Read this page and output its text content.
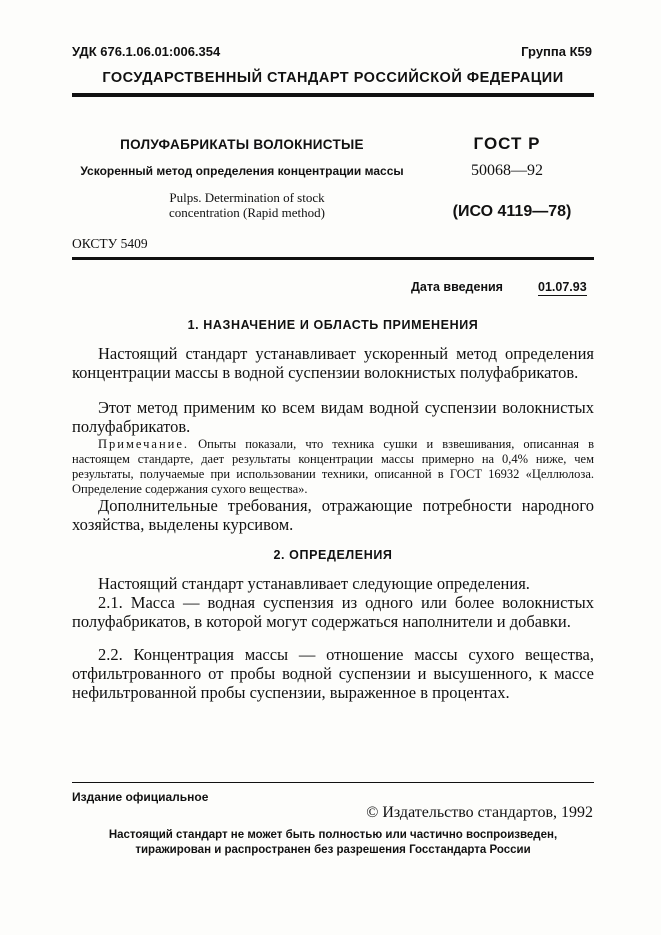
УДК 676.1.06.01:006.354	Группа К59
ГОСУДАРСТВЕННЫЙ СТАНДАРТ РОССИЙСКОЙ ФЕДЕРАЦИИ
ПОЛУФАБРИКАТЫ ВОЛОКНИСТЫЕ
Ускоренный метод определения концентрации массы
Pulps. Determination of stock
concentration (Rapid method)
ГОСТ Р
50068—92
(ИСО 4119—78)
ОКСТУ 5409
Дата введения	01.07.93
1. НАЗНАЧЕНИЕ И ОБЛАСТЬ ПРИМЕНЕНИЯ

Настоящий стандарт устанавливает ускоренный метод определения концентрации массы в водной суспензии волокнистых полуфабрикатов.

Этот метод применим ко всем видам водной суспензии волокнистых полуфабрикатов.

Примечание. Опыты показали, что техника сушки и взвешивания, описанная в настоящем стандарте, дает результаты концентрации массы примерно на 0,4% ниже, чем результаты, получаемые при использовании техники, описанной в ГОСТ 16932 «Целлюлоза. Определение содержания сухого вещества».

Дополнительные требования, отражающие потребности народного хозяйства, выделены курсивом.

2. ОПРЕДЕЛЕНИЯ

Настоящий стандарт устанавливает следующие определения.

2.1. Масса — водная суспензия из одного или более волокнистых полуфабрикатов, в которой могут содержаться наполнители и добавки.

2.2. Концентрация массы — отношение массы сухого вещества, отфильтрованного от пробы водной суспензии и высушенного, к массе нефильтрованной пробы суспензии, выраженное в процентах.

Издание официальное
© Издательство стандартов, 1992
Настоящий стандарт не может быть полностью или частично воспроизведен,
тиражирован и распространен без разрешения Госстандарта России
